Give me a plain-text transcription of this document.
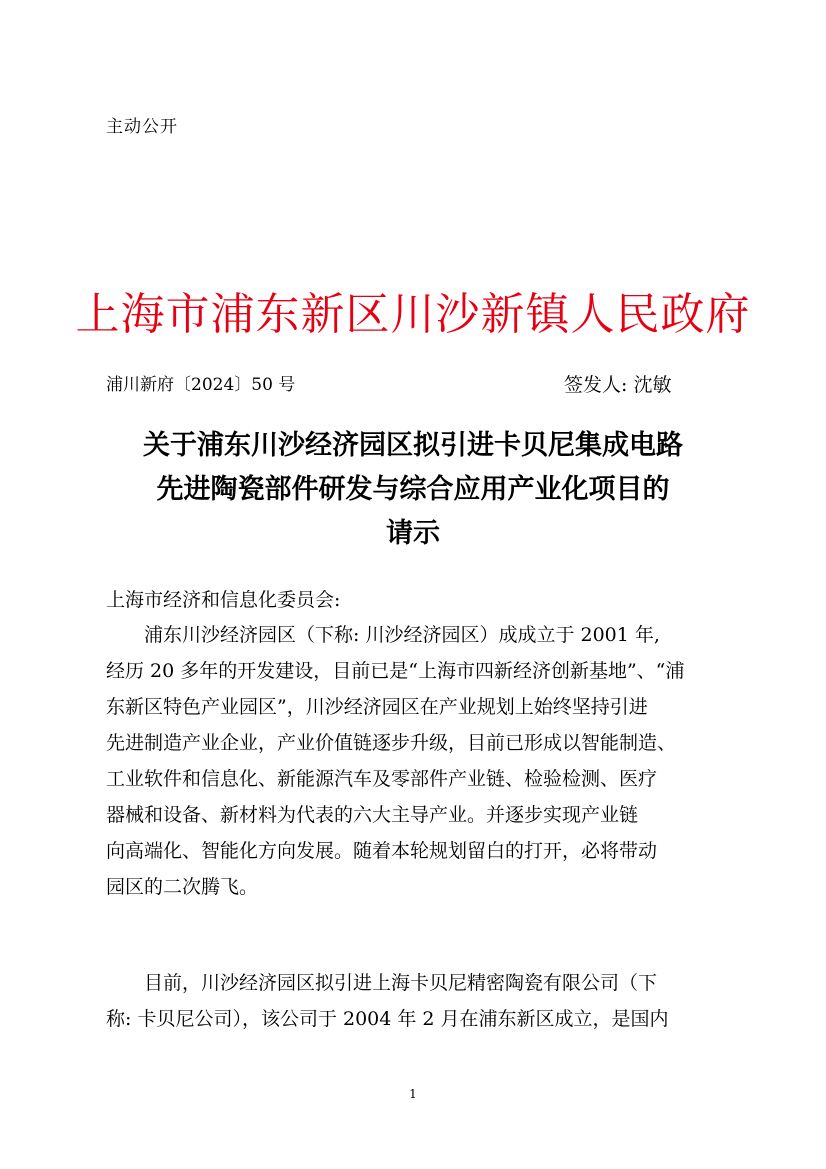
主动公开
上海市浦东新区川沙新镇人民政府
浦川新府〔2024〕50 号	签发人: 沈敏
关于浦东川沙经济园区拟引进卡贝尼集成电路
先进陶瓷部件研发与综合应用产业化项目的
请示
上海市经济和信息化委员会:
浦东川沙经济园区（下称: 川沙经济园区）成成立于 2001 年,
经历 20 多年的开发建设，目前已是“上海市四新经济创新基地”、“浦
东新区特色产业园区”，川沙经济园区在产业规划上始终坚持引进
先进制造产业企业，产业价值链逐步升级，目前已形成以智能制造、
工业软件和信息化、新能源汽车及零部件产业链、检验检测、医疗
器械和设备、新材料为代表的六大主导产业。并逐步实现产业链
向高端化、智能化方向发展。随着本轮规划留白的打开，必将带动
园区的二次腾飞。
目前，川沙经济园区拟引进上海卡贝尼精密陶瓷有限公司（下
称: 卡贝尼公司），该公司于 2004 年 2 月在浦东新区成立，是国内
1
